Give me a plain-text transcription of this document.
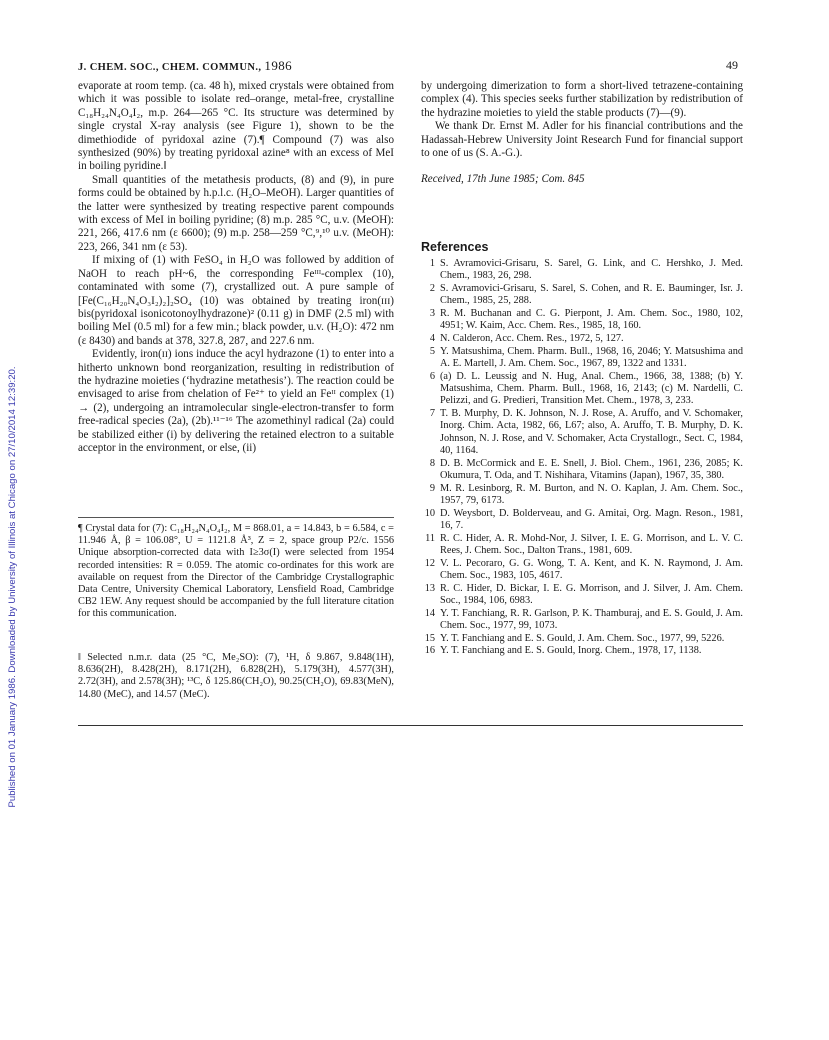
Published on 01 January 1986. Downloaded by University of Illinois at Chicago on 27/10/2014 12:39:20.
J. CHEM. SOC., CHEM. COMMUN., 1986	49

evaporate at room temp. (ca. 48 h), mixed crystals were obtained from which it was possible to isolate red–orange, metal-free, crystalline C₁₈H₂₄N₄O₄I₂, m.p. 264—265 °C. Its structure was determined by single crystal X-ray analysis (see Figure 1), shown to be the dimethiodide of pyridoxal azine (7).¶ Compound (7) was also synthesized (90%) by treating pyridoxal azine⁸ with an excess of MeI in boiling pyridine.‖

Small quantities of the metathesis products, (8) and (9), in pure forms could be obtained by h.p.l.c. (H₂O–MeOH). Larger quantities of the latter were synthesized by treating respective parent compounds with excess of MeI in boiling pyridine; (8) m.p. 285 °C, u.v. (MeOH): 221, 266, 417.6 nm (ε 6600); (9) m.p. 258—259 °C,⁹,¹⁰ u.v. (MeOH): 223, 266, 341 nm (ε 53).

If mixing of (1) with FeSO₄ in H₂O was followed by addition of NaOH to reach pH~6, the corresponding Feᴵᴵᴵ-complex (10), contaminated with some (7), crystallized out. A pure sample of [Fe(C₁₆H₂₀N₄O₃I₂)₂]₂SO₄ (10) was obtained by treating iron(ɪɪɪ) bis(pyridoxal isonicotonoylhydrazone)² (0.11 g) in DMF (2.5 ml) with boiling MeI (0.5 ml) for a few min.; black powder, u.v. (H₂O): 472 nm (ε 8430) and bands at 378, 327.8, 287, and 227.6 nm.

Evidently, iron(ɪɪ) ions induce the acyl hydrazone (1) to enter into a hitherto unknown bond reorganization, resulting in redistribution of the hydrazine moieties (‘hydrazine metathesis’). The reaction could be envisaged to arise from chelation of Fe²⁺ to yield an Feᴵᴵ complex (1) → (2), undergoing an intramolecular single-electron-transfer to form free-radical species (2a), (2b).¹¹⁻¹⁶ The azomethinyl radical (2a) could be stabilized either (i) by delivering the retained electron to a suitable acceptor in the environment, or else, (ii)

¶ Crystal data for (7): C₁₈H₂₄N₄O₄I₂, M = 868.01, a = 14.843, b = 6.584, c = 11.946 Å, β = 106.08°, U = 1121.8 Å³, Z = 2, space group P2/c. 1556 Unique absorption-corrected data with I≥3σ(I) were selected from 1954 recorded intensities: R = 0.059. The atomic co-ordinates for this work are available on request from the Director of the Cambridge Crystallographic Data Centre, University Chemical Laboratory, Lensfield Road, Cambridge CB2 1EW. Any request should be accompanied by the full literature citation for this communication.
‖ Selected n.m.r. data (25 °C, Me₂SO): (7), ¹H, δ 9.867, 9.848(1H), 8.636(2H), 8.428(2H), 8.171(2H), 6.828(2H), 5.179(3H), 4.577(3H), 2.72(3H), and 2.578(3H); ¹³C, δ 125.86(CH₂O), 90.25(CH₂O), 69.83(MeN), 14.80 (MeC), and 14.57 (MeC).

by undergoing dimerization to form a short-lived tetrazene-containing complex (4). This species seeks further stabilization by redistribution of the hydrazine moieties to yield the stable products (7)—(9).

We thank Dr. Ernst M. Adler for his financial contributions and the Hadassah-Hebrew University Joint Research Fund for financial support to one of us (S. A.-G.).

Received, 17th June 1985; Com. 845

References
1 S. Avramovici-Grisaru, S. Sarel, G. Link, and C. Hershko, J. Med. Chem., 1983, 26, 298.
2 S. Avramovici-Grisaru, S. Sarel, S. Cohen, and R. E. Bauminger, Isr. J. Chem., 1985, 25, 288.
3 R. M. Buchanan and C. G. Pierpont, J. Am. Chem. Soc., 1980, 102, 4951; W. Kaim, Acc. Chem. Res., 1985, 18, 160.
4 N. Calderon, Acc. Chem. Res., 1972, 5, 127.
5 Y. Matsushima, Chem. Pharm. Bull., 1968, 16, 2046; Y. Matsushima and A. E. Martell, J. Am. Chem. Soc., 1967, 89, 1322 and 1331.
6 (a) D. L. Leussig and N. Hug, Anal. Chem., 1966, 38, 1388; (b) Y. Matsushima, Chem. Pharm. Bull., 1968, 16, 2143; (c) M. Nardelli, C. Pelizzi, and G. Predieri, Transition Met. Chem., 1978, 3, 233.
7 T. B. Murphy, D. K. Johnson, N. J. Rose, A. Aruffo, and V. Schomaker, Inorg. Chim. Acta, 1982, 66, L67; also, A. Aruffo, T. B. Murphy, D. K. Johnson, N. J. Rose, and V. Schomaker, Acta Crystallogr., Sect. C, 1984, 40, 1164.
8 D. B. McCormick and E. E. Snell, J. Biol. Chem., 1961, 236, 2085; K. Okumura, T. Oda, and T. Nishihara, Vitamins (Japan), 1967, 35, 380.
9 M. R. Lesinborg, R. M. Burton, and N. O. Kaplan, J. Am. Chem. Soc., 1957, 79, 6173.
10 D. Weysbort, D. Bolderveau, and G. Amitai, Org. Magn. Reson., 1981, 16, 7.
11 R. C. Hider, A. R. Mohd-Nor, J. Silver, I. E. G. Morrison, and L. V. C. Rees, J. Chem. Soc., Dalton Trans., 1981, 609.
12 V. L. Pecoraro, G. G. Wong, T. A. Kent, and K. N. Raymond, J. Am. Chem. Soc., 1983, 105, 4617.
13 R. C. Hider, D. Bickar, I. E. G. Morrison, and J. Silver, J. Am. Chem. Soc., 1984, 106, 6983.
14 Y. T. Fanchiang, R. R. Garlson, P. K. Thamburaj, and E. S. Gould, J. Am. Chem. Soc., 1977, 99, 1073.
15 Y. T. Fanchiang and E. S. Gould, J. Am. Chem. Soc., 1977, 99, 5226.
16 Y. T. Fanchiang and E. S. Gould, Inorg. Chem., 1978, 17, 1138.
